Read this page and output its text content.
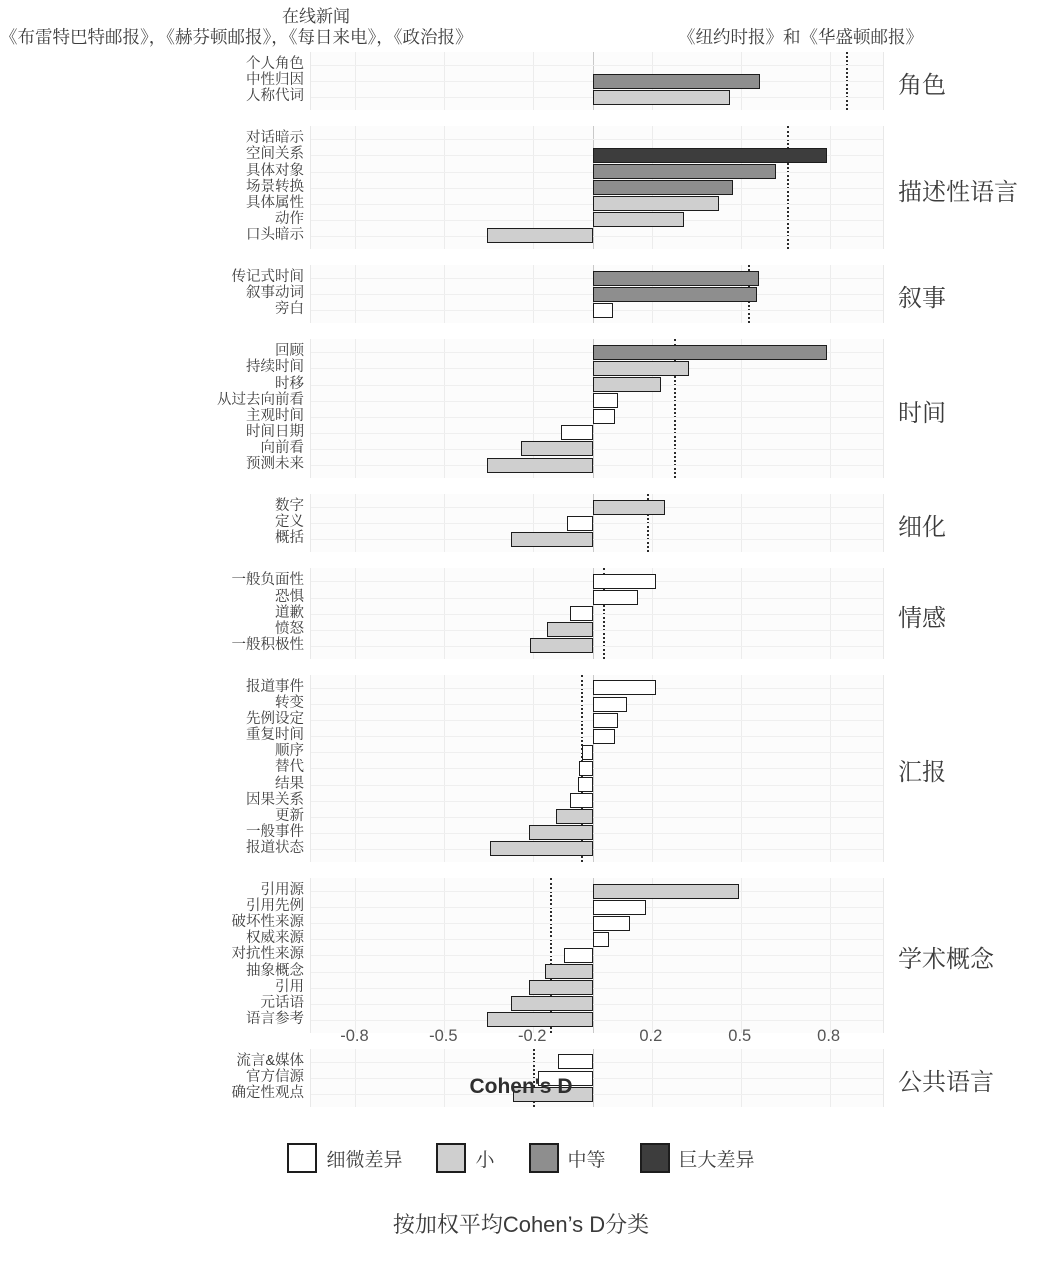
在线新闻
《布雷特巴特邮报》，《赫芬顿邮报》，《每日来电》，《政治报》	《纽约时报》和《华盛顿邮报》
个人角色
中性归因
人称代词	角色
对话暗示
空间关系
具体对象
场景转换
具体属性
动作
口头暗示
描述性语言
传记式时间
叙事动词
旁白	叙事
回顾
持续时间
时移
从过去向前看
主观时间
时间日期
向前看
预测未来
时间
数字
定义
概括	细化
一般负面性
恐惧
道歉
愤怒
一般积极性
情感
报道事件
转变
先例设定
重复时间
顺序
替代
结果
因果关系
更新
一般事件
报道状态
汇报
引用源
引用先例
破坏性来源
权威来源
对抗性来源
抽象概念
引用
元话语
语言参考
学术概念
流言&媒体
官方信源
确定性观点	公共语言
-0.8	-0.5	-0.2	0.2	0.5	0.8
Cohen's D
细微差异	小	中等	巨大差异
按加权平均Cohen’s D分类
